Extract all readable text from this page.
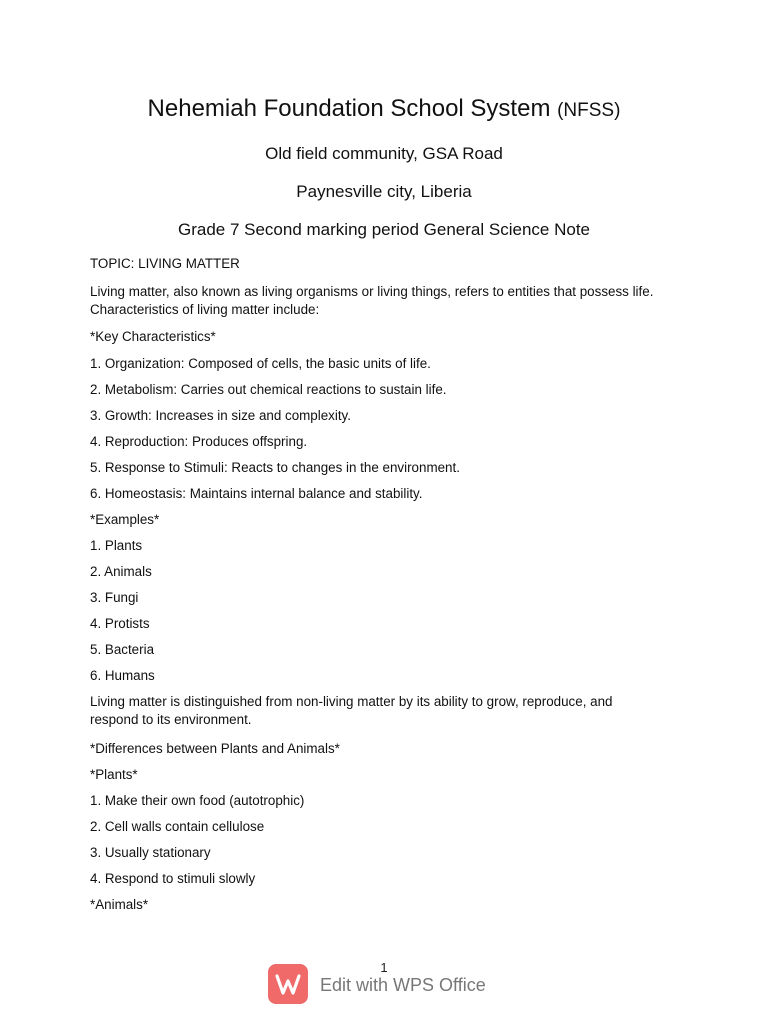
Nehemiah Foundation School System (NFSS)
Old field community, GSA Road
Paynesville city, Liberia
Grade 7 Second marking period General Science Note

TOPIC: LIVING MATTER

Living matter, also known as living organisms or living things, refers to entities that possess life.

Characteristics of living matter include:

*Key Characteristics*

1. Organization: Composed of cells, the basic units of life.

2. Metabolism: Carries out chemical reactions to sustain life.

3. Growth: Increases in size and complexity.

4. Reproduction: Produces offspring.

5. Response to Stimuli: Reacts to changes in the environment.

6. Homeostasis: Maintains internal balance and stability.

*Examples*

1. Plants

2. Animals

3. Fungi

4. Protists

5. Bacteria

6. Humans

Living matter is distinguished from non-living matter by its ability to grow, reproduce, and

respond to its environment.

*Differences between Plants and Animals*

*Plants*

1. Make their own food (autotrophic)

2. Cell walls contain cellulose

3. Usually stationary

4. Respond to stimuli slowly

*Animals*

1
Edit with WPS Office
